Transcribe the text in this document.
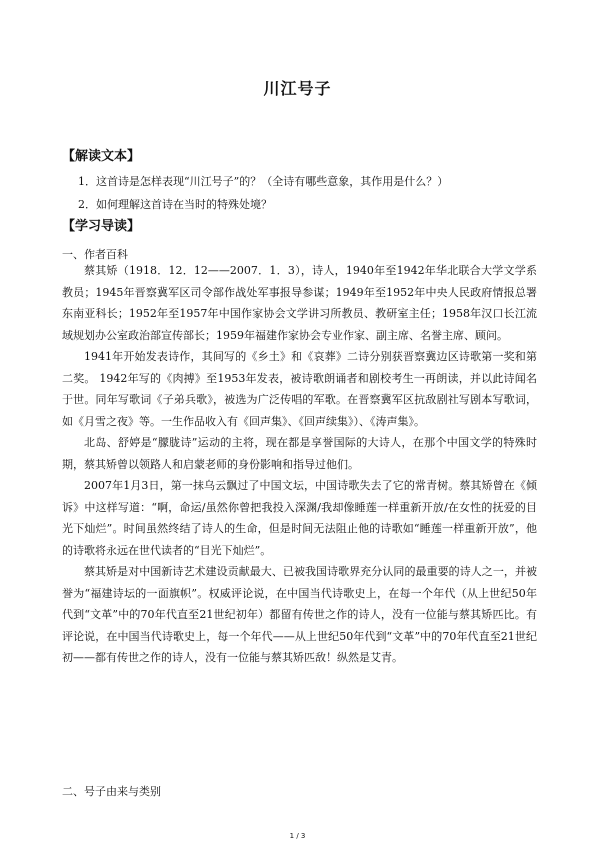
川江号子
【解读文本】
1．这首诗是怎样表现“川江号子”的？（全诗有哪些意象，其作用是什么？）
2．如何理解这首诗在当时的特殊处境？
【学习导读】
一、作者百科

蔡其矫（1918．12．12——2007．1．3），诗人，1940年至1942年华北联合大学文学系教员；1945年晋察冀军区司令部作战处军事报导参谋；1949年至1952年中央人民政府情报总署东南亚科长；1952年至1957年中国作家协会文学讲习所教员、教研室主任；1958年汉口长江流域规划办公室政治部宣传部长；1959年福建作家协会专业作家、副主席、名誉主席、顾问。

1941年开始发表诗作，其间写的《乡土》和《哀葬》二诗分别获晋察冀边区诗歌第一奖和第二奖。 1942年写的《肉搏》至1953年发表，被诗歌朗诵者和剧校考生一再朗读，并以此诗闻名于世。同年写歌词《子弟兵歌》，被选为广泛传唱的军歌。在晋察冀军区抗敌剧社写剧本写歌词，如《月雪之夜》等。一生作品收入有《回声集》、《回声续集》）、《涛声集》。

北岛、舒婷是“朦胧诗”运动的主将，现在都是享誉国际的大诗人，在那个中国文学的特殊时期，蔡其矫曾以领路人和启蒙老师的身份影响和指导过他们。

2007年1月3日，第一抹乌云飘过了中国文坛，中国诗歌失去了它的常青树。蔡其矫曾在《倾诉》中这样写道：“啊，命运/虽然你曾把我投入深渊/我却像睡莲一样重新开放/在女性的抚爱的目光下灿烂”。时间虽然终结了诗人的生命，但是时间无法阻止他的诗歌如“睡莲一样重新开放”，他的诗歌将永远在世代读者的“目光下灿烂”。

蔡其矫是对中国新诗艺术建设贡献最大、已被我国诗歌界充分认同的最重要的诗人之一，并被誉为“福建诗坛的一面旗帜”。权威评论说，在中国当代诗歌史上，在每一个年代（从上世纪50年代到“文革”中的70年代直至21世纪初年）都留有传世之作的诗人，没有一位能与蔡其矫匹比。有评论说，在中国当代诗歌史上，每一个年代——从上世纪50年代到“文革”中的70年代直至21世纪初——都有传世之作的诗人，没有一位能与蔡其矫匹敌！纵然是艾青。

二、号子由来与类别
1 / 3
